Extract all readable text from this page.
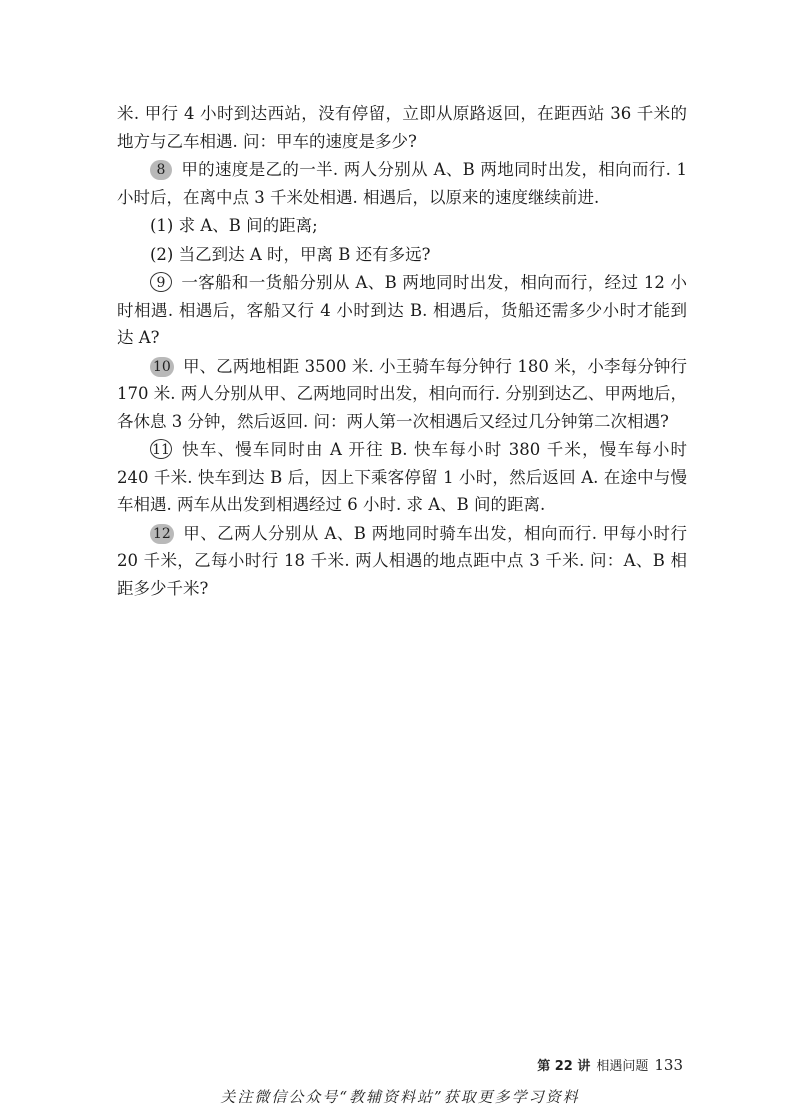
米. 甲行 4 小时到达西站，没有停留，立即从原路返回，在距西站 36 千米的地方与乙车相遇. 问：甲车的速度是多少?

8 甲的速度是乙的一半. 两人分别从 A、B 两地同时出发，相向而行. 1 小时后，在离中点 3 千米处相遇. 相遇后，以原来的速度继续前进.

(1) 求 A、B 间的距离;

(2) 当乙到达 A 时，甲离 B 还有多远?

9 一客船和一货船分别从 A、B 两地同时出发，相向而行，经过 12 小时相遇. 相遇后，客船又行 4 小时到达 B. 相遇后，货船还需多少小时才能到达 A?

10 甲、乙两地相距 3500 米. 小王骑车每分钟行 180 米，小李每分钟行 170 米. 两人分别从甲、乙两地同时出发，相向而行. 分别到达乙、甲两地后，各休息 3 分钟，然后返回. 问：两人第一次相遇后又经过几分钟第二次相遇?

11 快车、慢车同时由 A 开往 B. 快车每小时 380 千米，慢车每小时 240 千米. 快车到达 B 后，因上下乘客停留 1 小时，然后返回 A. 在途中与慢车相遇. 两车从出发到相遇经过 6 小时. 求 A、B 间的距离.

12 甲、乙两人分别从 A、B 两地同时骑车出发，相向而行. 甲每小时行 20 千米，乙每小时行 18 千米. 两人相遇的地点距中点 3 千米. 问：A、B 相距多少千米?

第 22 讲 相遇问题 133
关注微信公众号“教辅资料站”获取更多学习资料
